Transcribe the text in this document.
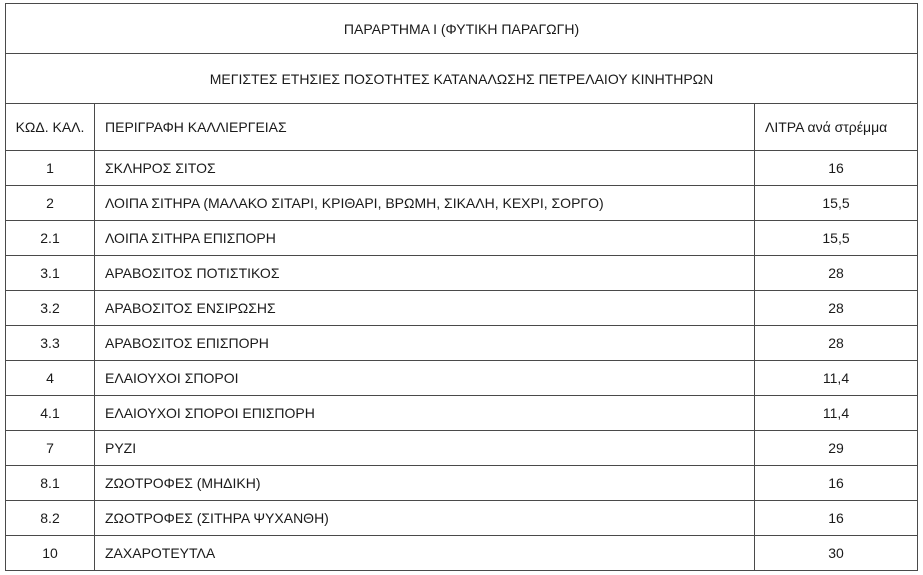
ΠΑΡΑΡΤΗΜΑ Ι (ΦΥΤΙΚΗ ΠΑΡΑΓΩΓΗ)		
ΜΕΓΙΣΤΕΣ ΕΤΗΣΙΕΣ ΠΟΣΟΤΗΤΕΣ ΚΑΤΑΝΑΛΩΣΗΣ ΠΕΤΡΕΛΑΙΟΥ ΚΙΝΗΤΗΡΩΝ		
ΚΩΔ. ΚΑΛ.	ΠΕΡΙΓΡΑΦΗ ΚΑΛΛΙΕΡΓΕΙΑΣ	ΛΙΤΡΑ ανά στρέμμα
1	ΣΚΛΗΡΟΣ ΣΙΤΟΣ	16
2	ΛΟΙΠΑ ΣΙΤΗΡΑ (ΜΑΛΑΚΟ ΣΙΤΑΡΙ, ΚΡΙΘΑΡΙ, ΒΡΩΜΗ, ΣΙΚΑΛΗ, ΚΕΧΡΙ, ΣΟΡΓΟ)	15,5
2.1	ΛΟΙΠΑ ΣΙΤΗΡΑ ΕΠΙΣΠΟΡΗ	15,5
3.1	ΑΡΑΒΟΣΙΤΟΣ ΠΟΤΙΣΤΙΚΟΣ	28
3.2	ΑΡΑΒΟΣΙΤΟΣ ΕΝΣΙΡΩΣΗΣ	28
3.3	ΑΡΑΒΟΣΙΤΟΣ ΕΠΙΣΠΟΡΗ	28
4	ΕΛΑΙΟΥΧΟΙ ΣΠΟΡΟΙ	11,4
4.1	ΕΛΑΙΟΥΧΟΙ ΣΠΟΡΟΙ ΕΠΙΣΠΟΡΗ	11,4
7	ΡΥΖΙ	29
8.1	ΖΩΟΤΡΟΦΕΣ (ΜΗΔΙΚΗ)	16
8.2	ΖΩΟΤΡΟΦΕΣ (ΣΙΤΗΡΑ ΨΥΧΑΝΘΗ)	16
10	ΖΑΧΑΡΟΤΕΥΤΛΑ	30
